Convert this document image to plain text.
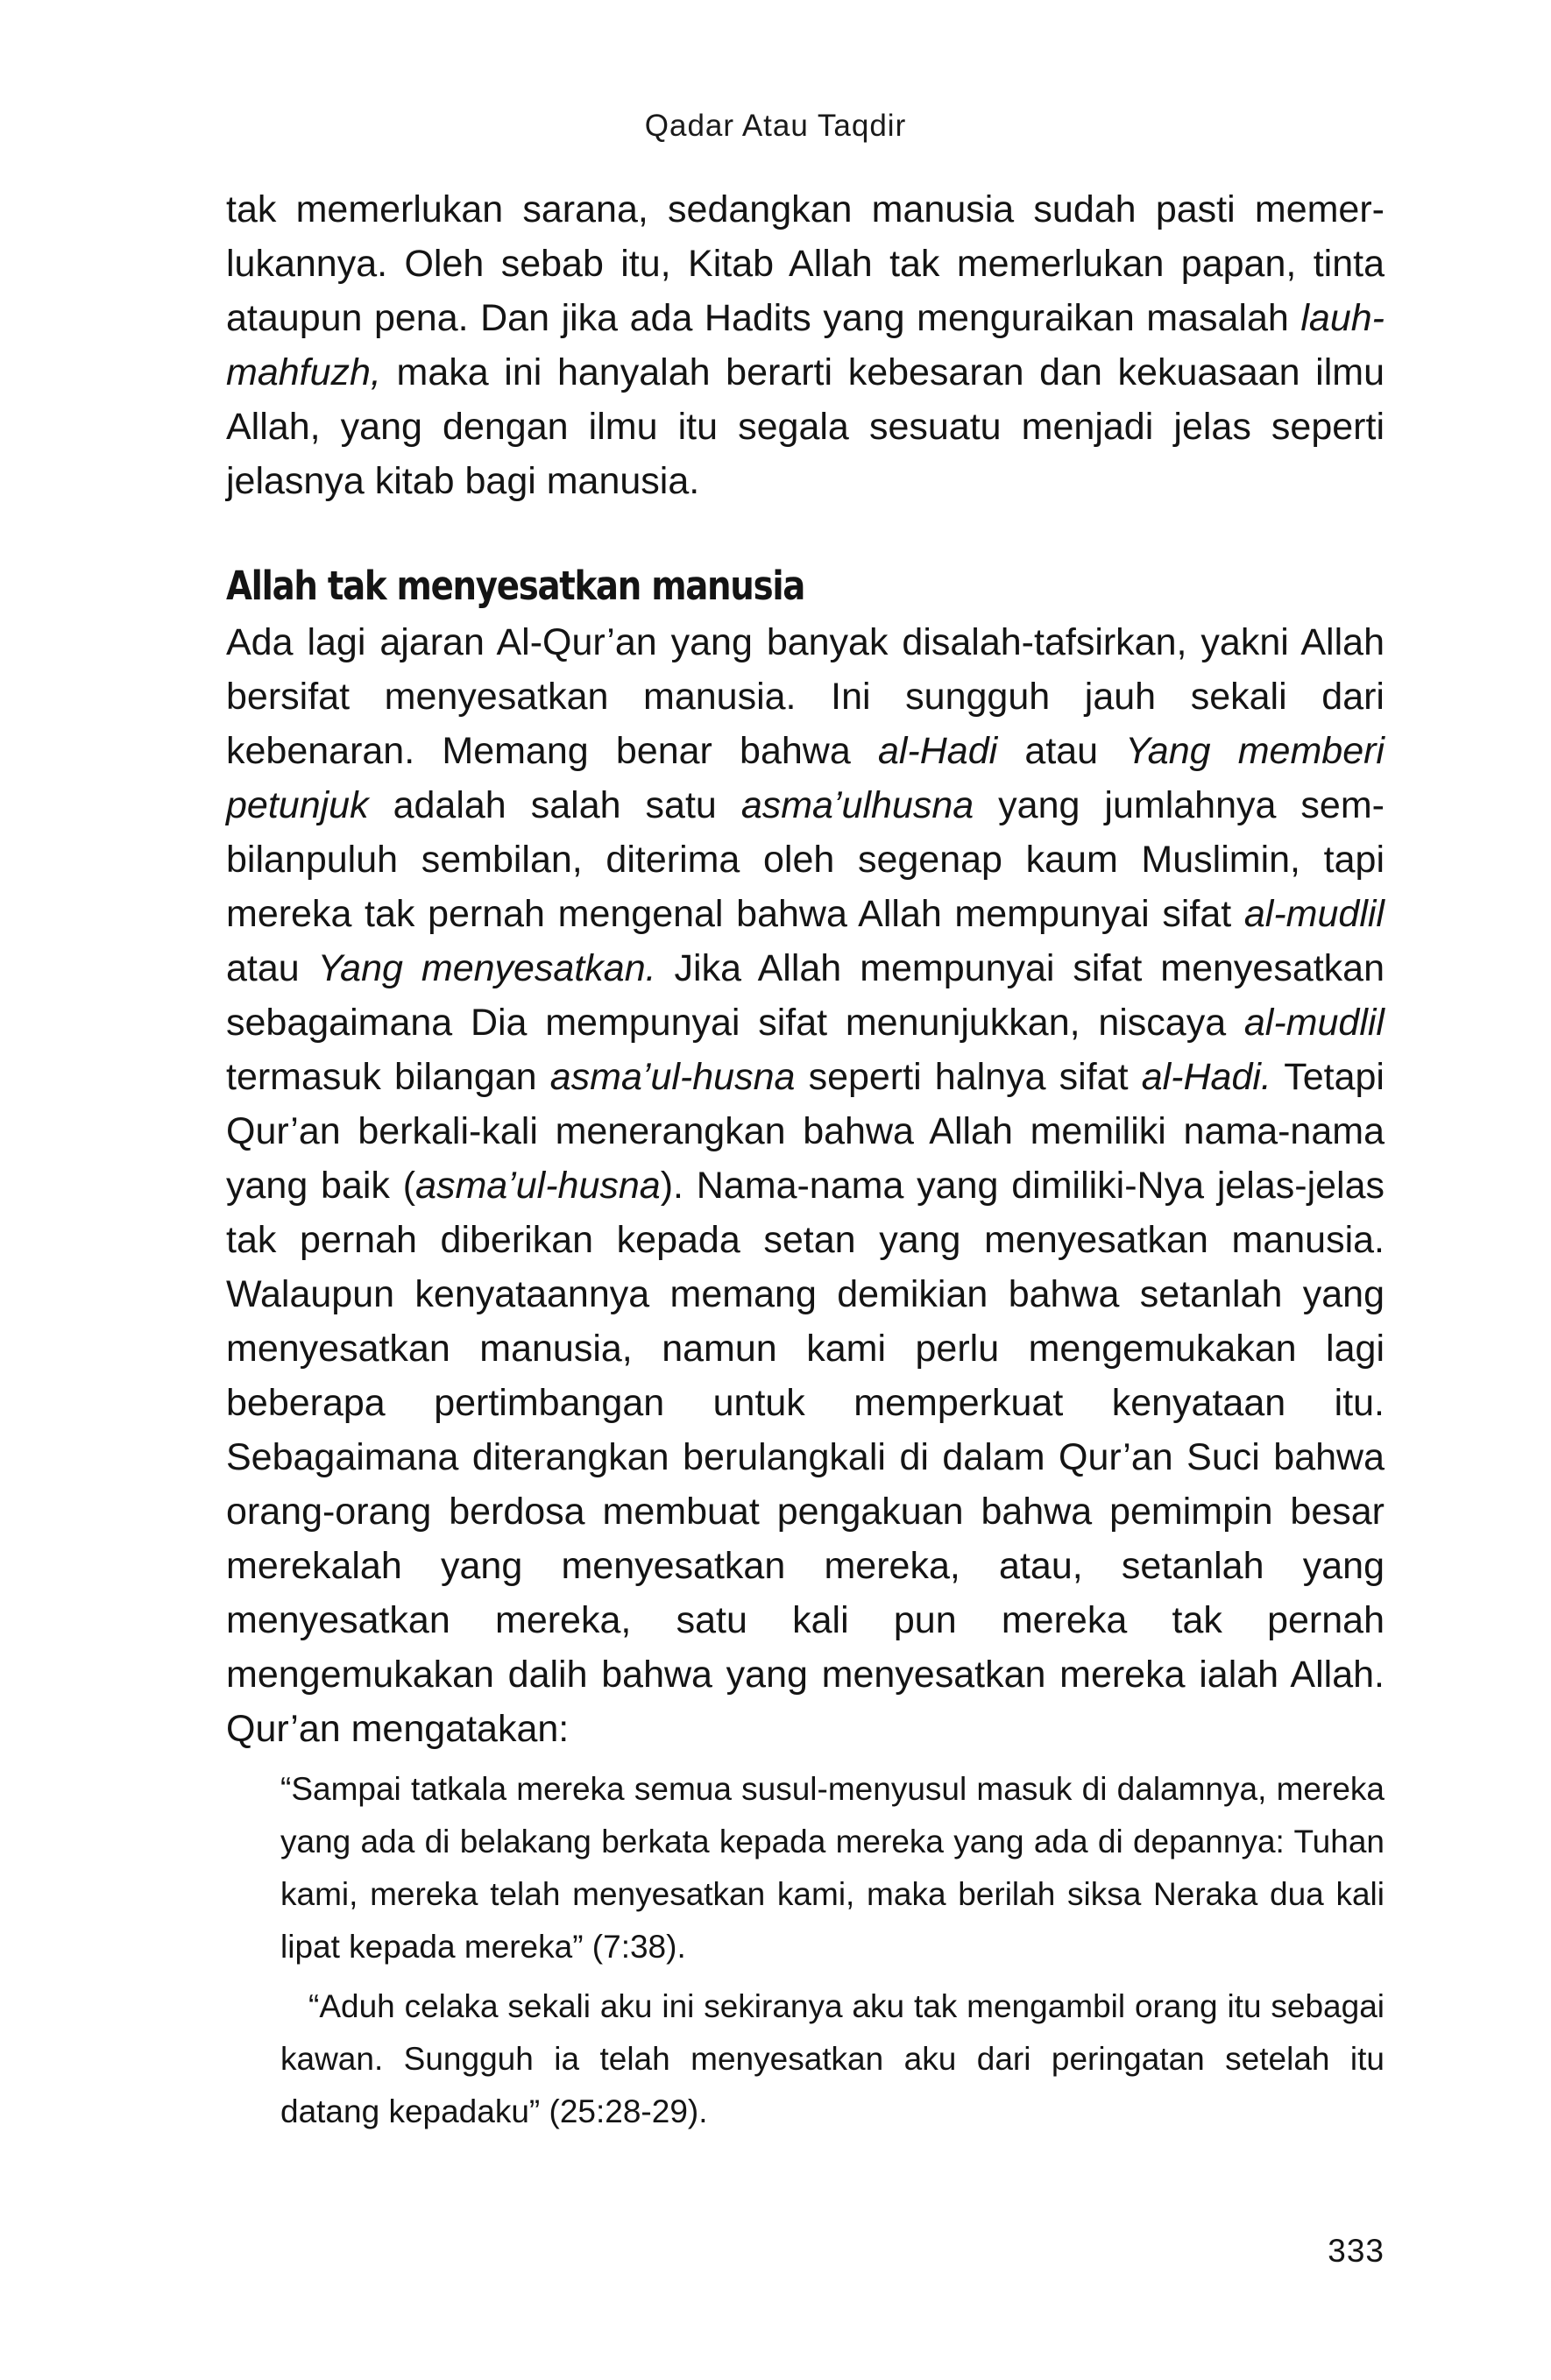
Qadar Atau Taqdir

tak memerlukan sarana, sedangkan manusia sudah pasti memerlukannya. Oleh sebab itu, Kitab Allah tak memerlukan papan, tinta ataupun pena. Dan jika ada Hadits yang menguraikan masalah lauh-mahfuzh, maka ini hanyalah berarti kebesaran dan kekuasaan ilmu Allah, yang dengan ilmu itu segala sesuatu menjadi jelas seperti jelasnya kitab bagi manusia.

Allah tak menyesatkan manusia

Ada lagi ajaran Al-Qur’an yang banyak disalah-tafsirkan, yakni Allah bersifat menyesatkan manusia. Ini sungguh jauh sekali dari kebenaran. Memang benar bahwa al-Hadi atau Yang memberi petunjuk adalah salah satu asma’ulhusna yang jumlahnya sembilanpuluh sembilan, diterima oleh segenap kaum Muslimin, tapi mereka tak pernah mengenal bahwa Allah mempunyai sifat al-​mudlil atau Yang menyesatkan. Jika Allah mempunyai sifat menyesatkan sebagaimana Dia mempunyai sifat menunjukkan, niscaya al-mudlil termasuk bilangan asma’ul-husna seperti halnya sifat al-Hadi. Tetapi Qur’an berkali-kali menerangkan bahwa Allah memiliki nama-nama yang baik (asma’ul-husna). Nama-nama yang dimiliki-Nya jelas-jelas tak pernah diberikan kepada setan yang menyesatkan manusia. Walaupun kenyataannya memang demikian bahwa setanlah yang menyesatkan manusia, namun kami perlu mengemukakan lagi beberapa pertimbangan untuk memperkuat kenyataan itu. Sebagaimana diterangkan berulangkali di dalam Qur’an Suci bahwa orang-orang berdosa membuat pengakuan bahwa pemimpin besar merekalah yang menyesatkan mereka, atau, setanlah yang menyesatkan mereka, satu kali pun mereka tak pernah mengemukakan dalih bahwa yang menyesatkan mereka ialah Allah. Qur’an mengatakan:

“Sampai tatkala mereka semua susul-menyusul masuk di dalamnya, mereka yang ada di belakang berkata kepada mereka yang ada di depannya: Tuhan kami, mereka telah menyesatkan kami, maka berilah siksa Neraka dua kali lipat kepada mereka” (7:38).

“Aduh celaka sekali aku ini sekiranya aku tak mengambil orang itu sebagai kawan. Sungguh ia telah menyesatkan aku dari peringatan setelah itu datang kepadaku” (25:28-29).

333
